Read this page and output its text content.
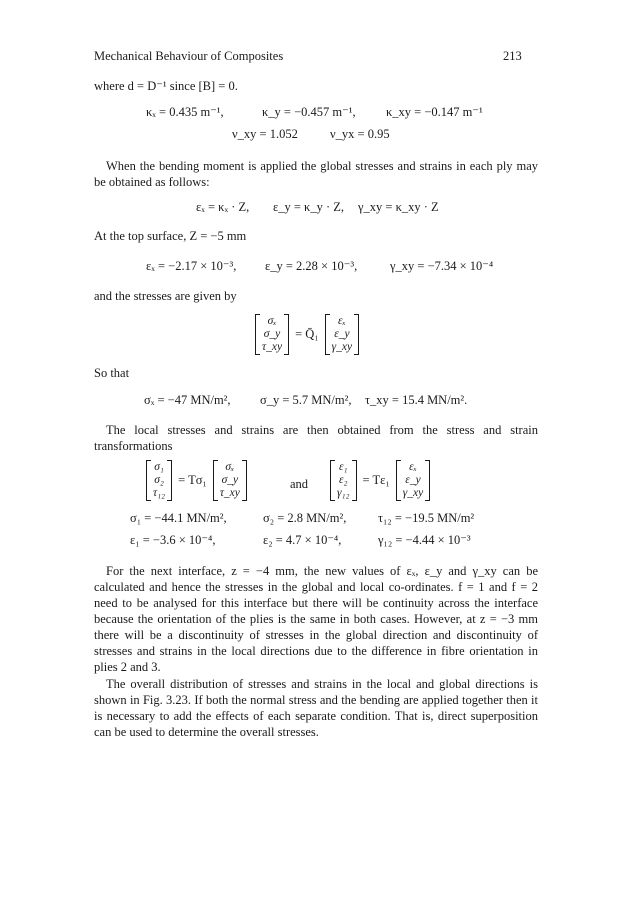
Mechanical Behaviour of Composites	213
where d = D⁻¹ since [B] = 0.
κₓ = 0.435 m⁻¹,	κ_y = −0.457 m⁻¹, κ_xy = −0.147 m⁻¹
ν_xy = 1.052	ν_yx = 0.95
When the bending moment is applied the global stresses and strains in each ply may be obtained as follows:
εₓ = κₓ · Z, ε_y = κ_y · Z, γ_xy = κ_xy · Z
At the top surface, Z = −5 mm
εₓ = −2.17 × 10⁻³, ε_y = 2.28 × 10⁻³,	γ_xy = −7.34 × 10⁻⁴
and the stresses are given by
σₓ
σ_y
τ_xy
= Q̄₁
εₓ
ε_y
γ_xy
So that
σₓ = −47 MN/m², σ_y = 5.7 MN/m², τ_xy = 15.4 MN/m².
The local stresses and strains are then obtained from the stress and strain transformations
σ₁
σ₂
τ₁₂
= Tσ₁
σₓ
σ_y
τ_xy
and
ε₁
ε₂
γ₁₂
= Tε₁
εₓ
ε_y
γ_xy
σ₁ = −44.1 MN/m²,	σ₂ = 2.8 MN/m²,	τ₁₂ = −19.5 MN/m²
ε₁ = −3.6 × 10⁻⁴,	ε₂ = 4.7 × 10⁻⁴,	γ₁₂ = −4.44 × 10⁻³
For the next interface, z = −4 mm, the new values of εₓ, ε_y and γ_xy can be calculated and hence the stresses in the global and local co-ordinates. f = 1 and f = 2 need to be analysed for this interface but there will be continuity across the interface because the orientation of the plies is the same in both cases. However, at z = −3 mm there will be a discontinuity of stresses in the global direction and discontinuity of stresses and strains in the local directions due to the difference in fibre orientation in plies 2 and 3.
The overall distribution of stresses and strains in the local and global directions is shown in Fig. 3.23. If both the normal stress and the bending are applied together then it is necessary to add the effects of each separate condition. That is, direct superposition can be used to determine the overall stresses.
